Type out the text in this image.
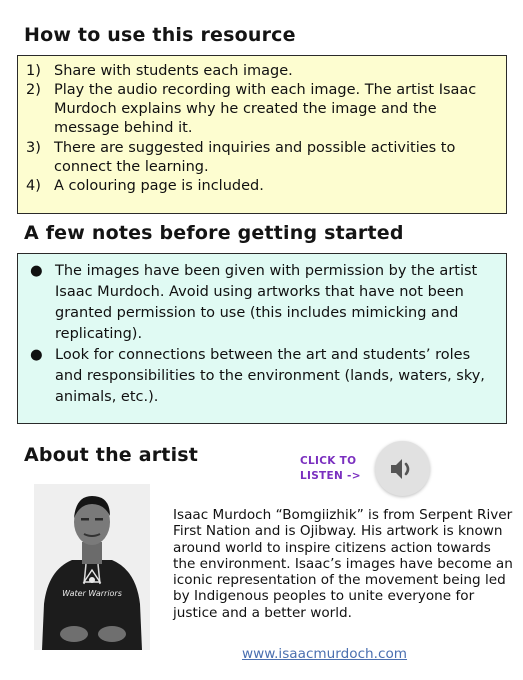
How to use this resource
1) Share with students each image.
2) Play the audio recording with each image. The artist Isaac Murdoch explains why he created the image and the message behind it.
3) There are suggested inquiries and possible activities to connect the learning.
4) A colouring page is included.
A few notes before getting started
● The images have been given with permission by the artist Isaac Murdoch. Avoid using artworks that have not been granted permission to use (this includes mimicking and replicating).
● Look for connections between the art and students’ roles and responsibilities to the environment (lands, waters, sky, animals, etc.).
About the artist	CLICK TO LISTEN ->
Water Warriors
Isaac Murdoch “Bomgiizhik” is from Serpent River First Nation and is Ojibway. His artwork is known around world to inspire citizens action towards the environment. Isaac’s images have become an iconic representation of the movement being led by Indigenous peoples to unite everyone for justice and a better world.
www.isaacmurdoch.com
